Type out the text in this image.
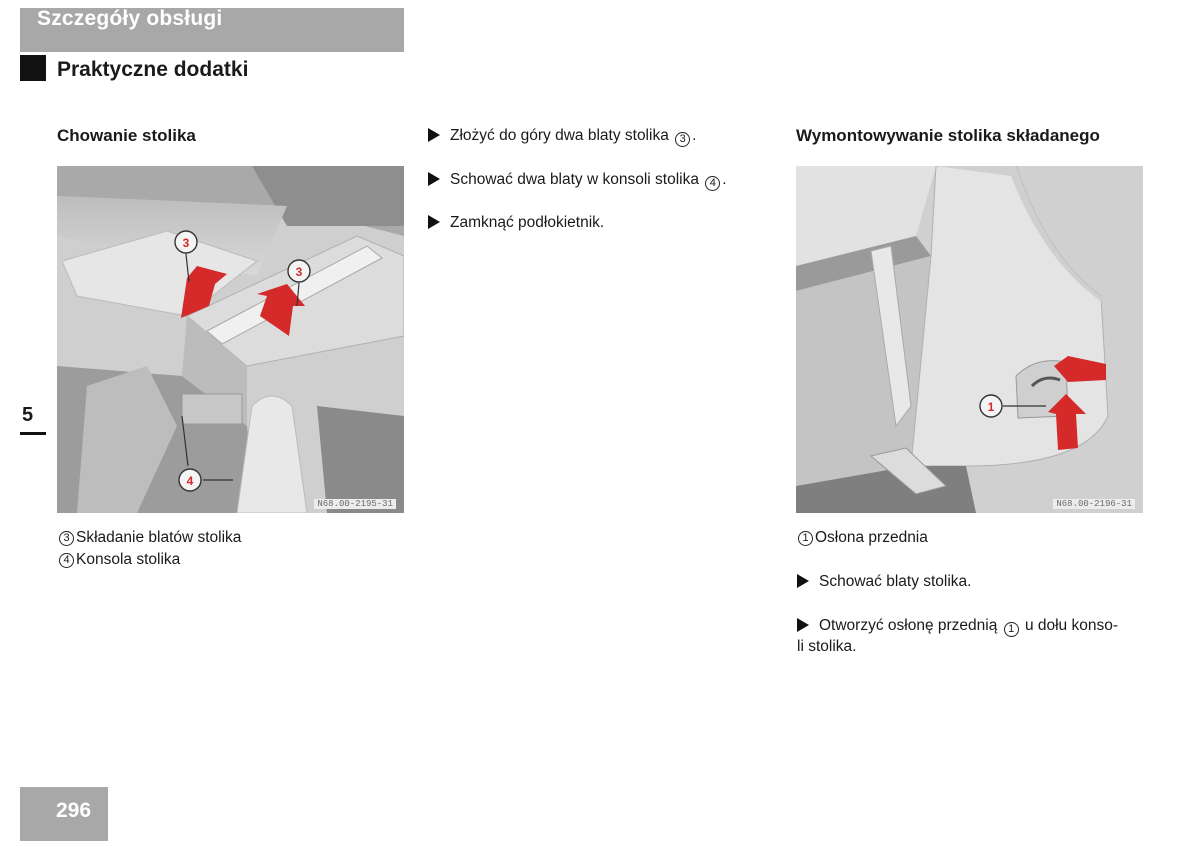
Szczegóły obsługi
Praktyczne dodatki
5
Chowanie stolika
3
3
4
N68.00-2195-31
3 Składanie blatów stolika
4 Konsola stolika
Złożyć do góry dwa blaty stolika 3 .
Schować dwa blaty w konsoli stolika 4 .
Zamknąć podłokietnik.
Wymontowywanie stolika składanego
1
N68.00-2196-31
1 Osłona przednia
Schować blaty stolika.
Otworzyć osłonę przednią 1 u dołu konso-
li stolika.
296
